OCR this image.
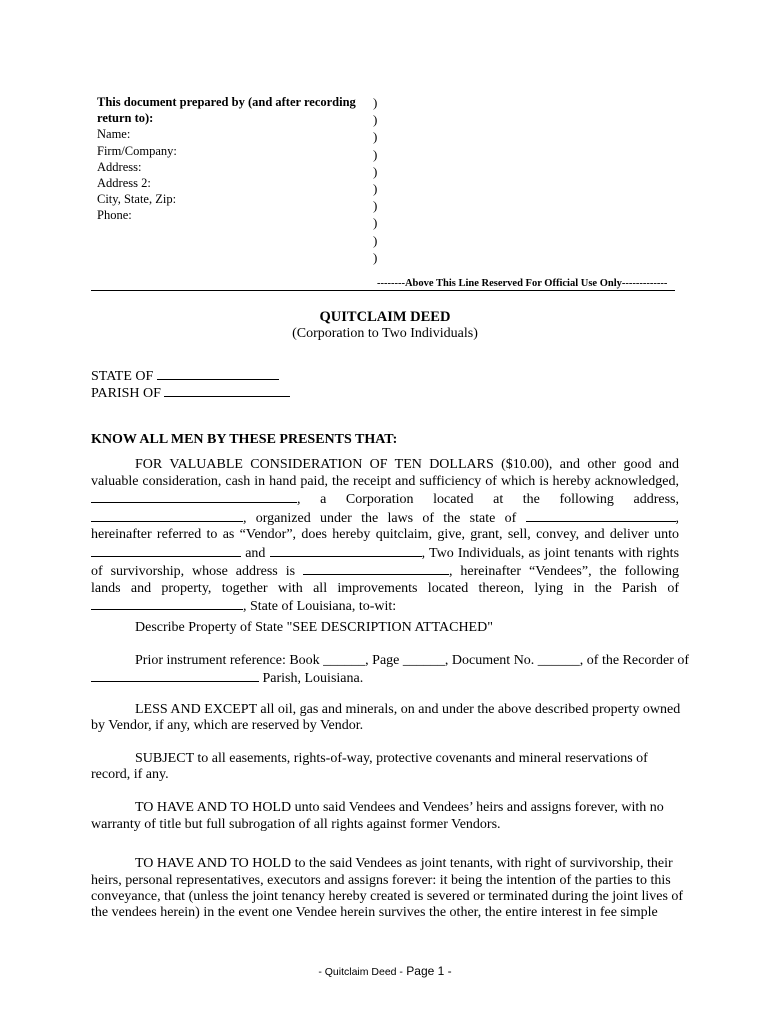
This document prepared by (and after recording
return to):
Name:
Firm/Company:
Address:
Address 2:
City, State, Zip:
Phone:
)
)
)
)
)
)
)
)
)
)
--------Above This Line Reserved For Official Use Only-------------
QUITCLAIM DEED
(Corporation to Two Individuals)
STATE OF
PARISH OF
KNOW ALL MEN BY THESE PRESENTS THAT:
FOR VALUABLE CONSIDERATION OF TEN DOLLARS ($10.00), and other good and
valuable consideration, cash in hand paid, the receipt and sufficiency of which is hereby acknowledged,
, a Corporation located at the following address,
, organized under the laws of the state of	,
hereinafter referred to as “Vendor”, does hereby quitclaim, give, grant, sell, convey, and deliver unto
and	, Two Individuals, as joint tenants with rights
of survivorship, whose address is	, hereinafter “Vendees”, the following
lands and property, together with all improvements located thereon, lying in the Parish of
, State of Louisiana, to-wit:
Describe Property of State "SEE DESCRIPTION ATTACHED"
Prior instrument reference: Book ______, Page ______, Document No. ______, of the Recorder of
Parish, Louisiana.
LESS AND EXCEPT all oil, gas and minerals, on and under the above described property owned
by Vendor, if any, which are reserved by Vendor.
SUBJECT to all easements, rights-of-way, protective covenants and mineral reservations of
record, if any.
TO HAVE AND TO HOLD unto said Vendees and Vendees’ heirs and assigns forever, with no
warranty of title but full subrogation of all rights against former Vendors.
TO HAVE AND TO HOLD to the said Vendees as joint tenants, with right of survivorship, their
heirs, personal representatives, executors and assigns forever: it being the intention of the parties to this
conveyance, that (unless the joint tenancy hereby created is severed or terminated during the joint lives of
the vendees herein) in the event one Vendee herein survives the other, the entire interest in fee simple
- Quitclaim Deed - Page 1 -
